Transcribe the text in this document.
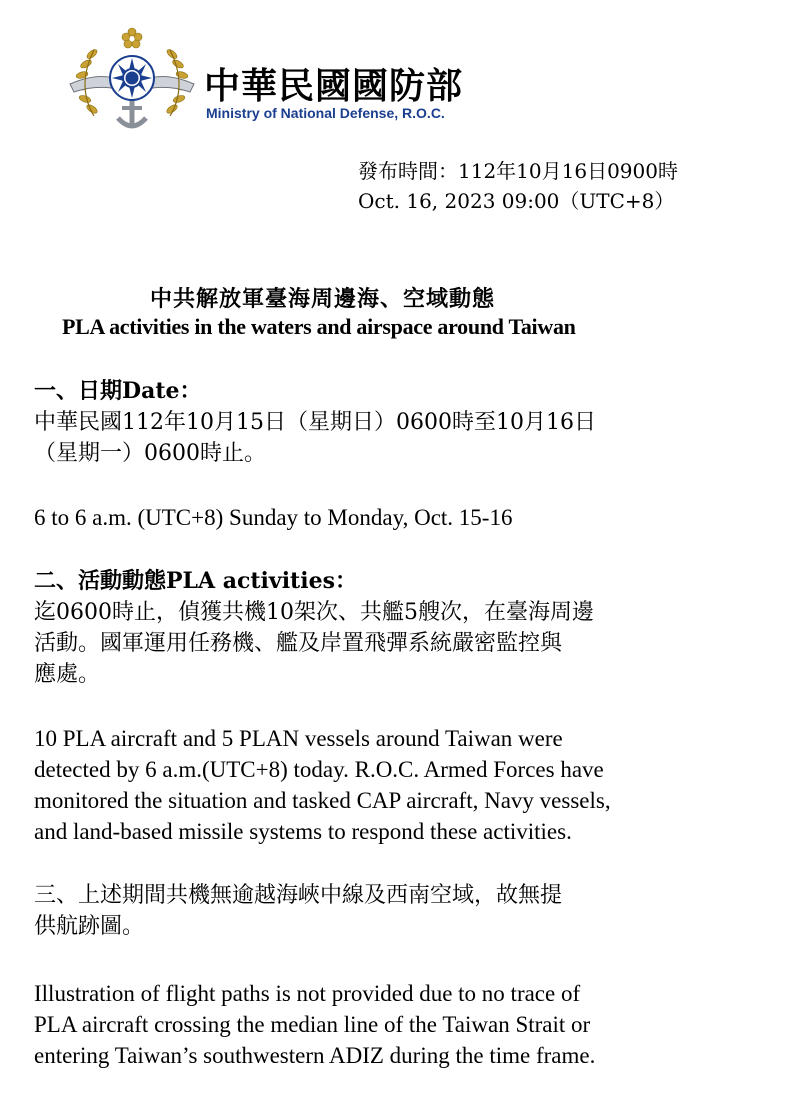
中華民國國防部
Ministry of National Defense, R.O.C.
發布時間：112年10月16日0900時
Oct. 16, 2023 09:00（UTC+8）
中共解放軍臺海周邊海、空域動態
PLA activities in the waters and airspace around Taiwan
一、日期Date：
中華民國112年10月15日（星期日）0600時至10月16日
（星期一）0600時止。
6 to 6 a.m. (UTC+8) Sunday to Monday, Oct. 15-16
二、活動動態PLA activities：
迄0600時止，偵獲共機10架次、共艦5艘次，在臺海周邊
活動。國軍運用任務機、艦及岸置飛彈系統嚴密監控與
應處。
10 PLA aircraft and 5 PLAN vessels around Taiwan were
detected by 6 a.m.(UTC+8) today. R.O.C. Armed Forces have
monitored the situation and tasked CAP aircraft, Navy vessels,
and land-based missile systems to respond these activities.
三、上述期間共機無逾越海峽中線及西南空域，故無提
供航跡圖。
Illustration of flight paths is not provided due to no trace of
PLA aircraft crossing the median line of the Taiwan Strait or
entering Taiwan’s southwestern ADIZ during the time frame.
